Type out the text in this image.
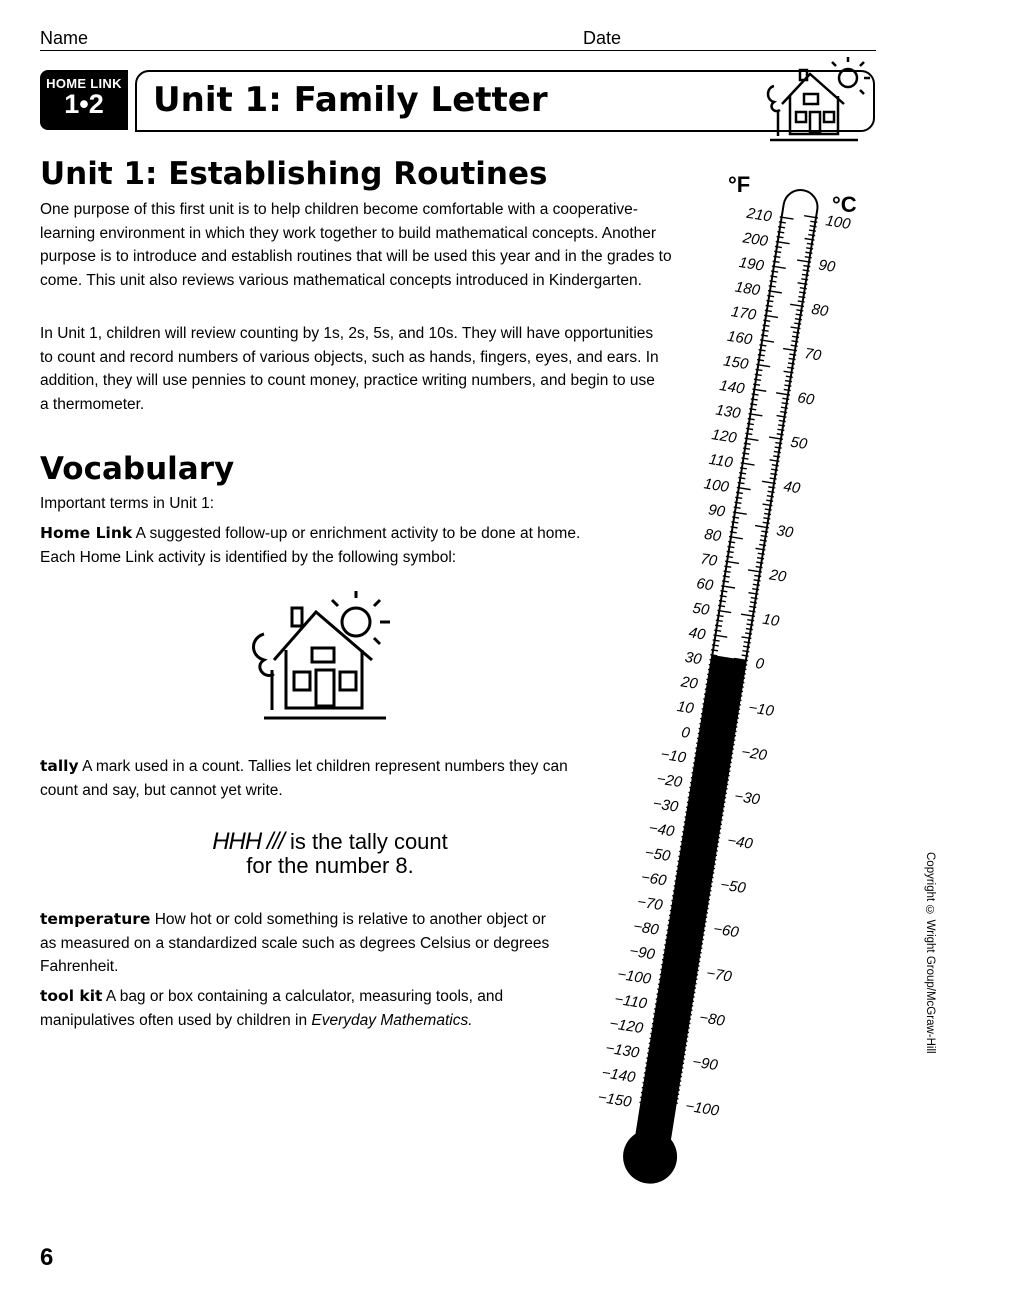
Name	Date
HOME LINK
1•2	Unit 1: Family Letter
Unit 1: Establishing Routines
One purpose of this first unit is to help children become comfortable with a cooperative-learning environment in which they work together to build mathematical concepts. Another purpose is to introduce and establish routines that will be used this year and in the grades to come. This unit also reviews various mathematical concepts introduced in Kindergarten.
In Unit 1, children will review counting by 1s, 2s, 5s, and 10s. They will have opportunities to count and record numbers of various objects, such as hands, fingers, eyes, and ears. In addition, they will use pennies to count money, practice writing numbers, and begin to use a thermometer.
Vocabulary
Important terms in Unit 1:
Home Link A suggested follow-up or enrichment activity to be done at home. Each Home Link activity is identified by the following symbol:
tally A mark used in a count. Tallies let children represent numbers they can count and say, but cannot yet write.
HHH /// is the tally count
for the number 8.
temperature How hot or cold something is relative to another object or as measured on a standardized scale such as degrees Celsius or degrees Fahrenheit.
tool kit A bag or box containing a calculator, measuring tools, and manipulatives often used by children in Everyday Mathematics.
210
200
190
180
170
160
150
140
130
120
110
100
90
80
70
60
50
40
30
20
10
0
−10
−20
−30
−40
−50
−60
−70
−80
−90
−100
−110
−120
−130
−140
−150
100
90
80
70
60
50
40
30
20
10
0
−10
−20
−30
−40
−50
−60
−70
−80
−90
−100
°F
°C
Copyright © Wright Group/McGraw-Hill
6
